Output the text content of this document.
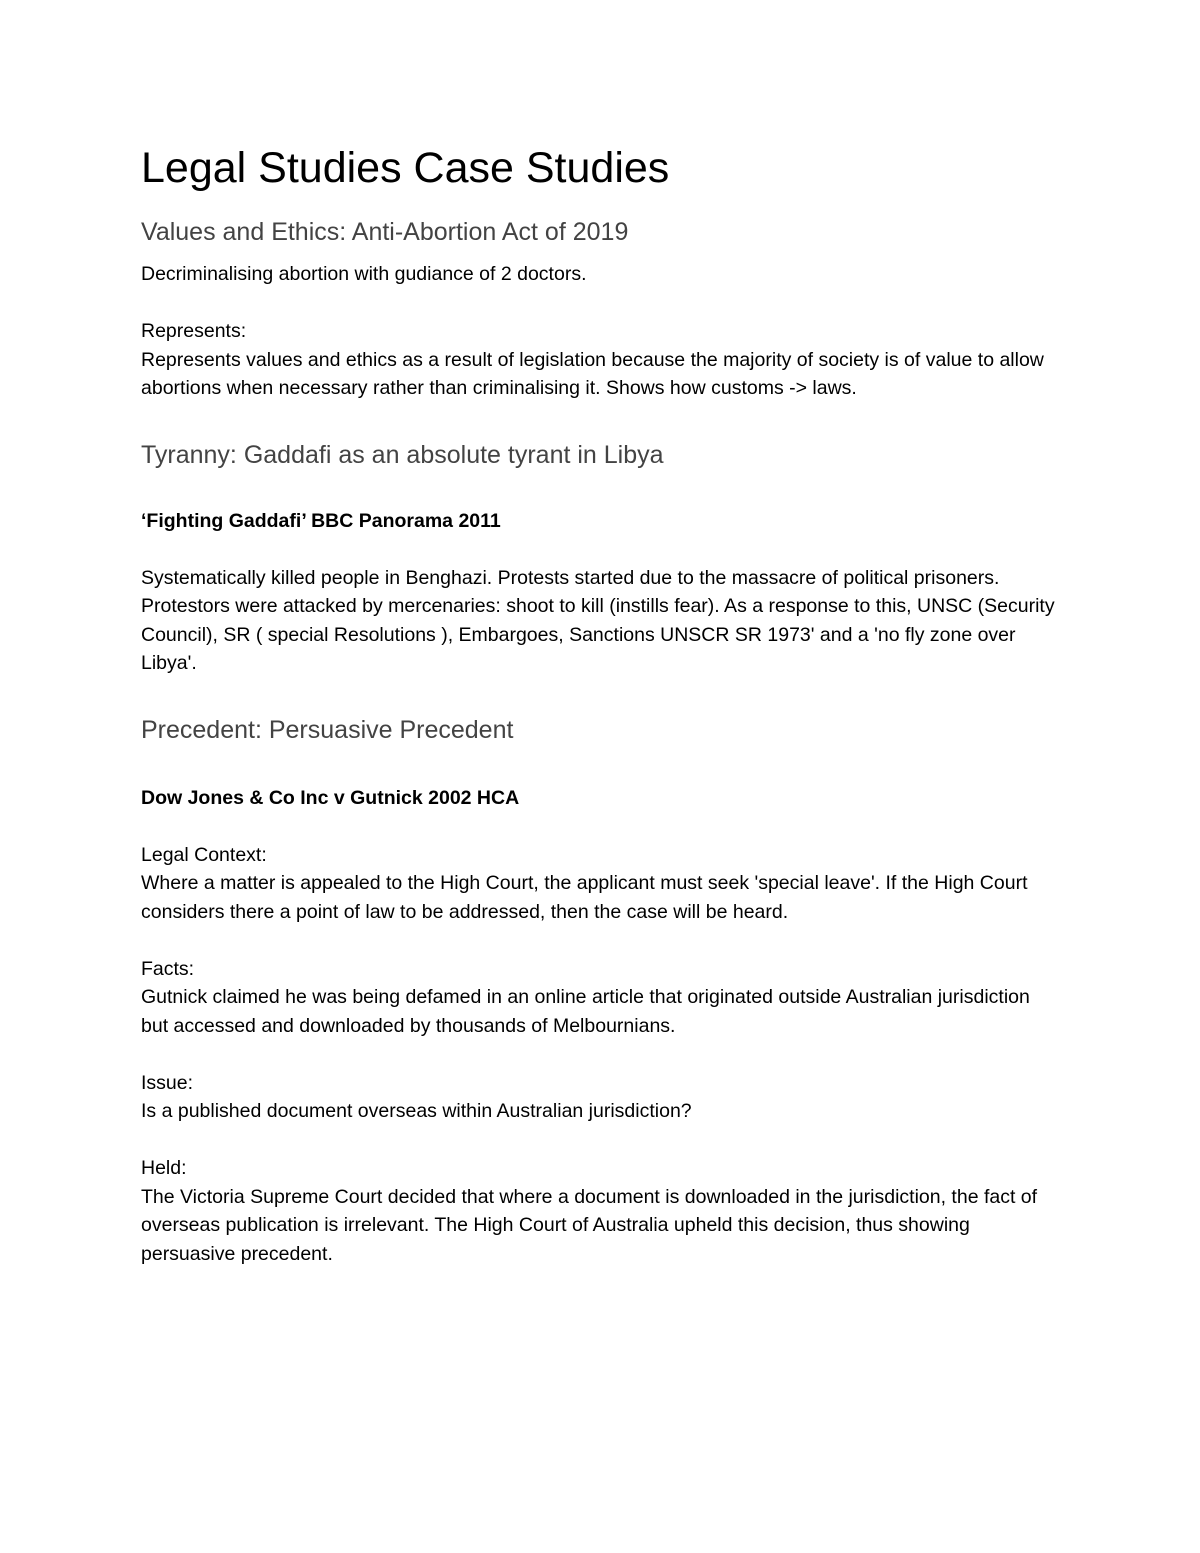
Legal Studies Case Studies
Values and Ethics: Anti-Abortion Act of 2019

Decriminalising abortion with gudiance of 2 doctors.

Represents:

Represents values and ethics as a result of legislation because the majority of society is of value to allow abortions when necessary rather than criminalising it. Shows how customs -> laws.

Tyranny: Gaddafi as an absolute tyrant in Libya

‘Fighting Gaddafi’ BBC Panorama 2011

Systematically killed people in Benghazi. Protests started due to the massacre of political prisoners. Protestors were attacked by mercenaries: shoot to kill (instills fear). As a response to this, UNSC (Security Council), SR ( special Resolutions ), Embargoes, Sanctions UNSCR SR 1973' and a 'no fly zone over Libya'.

Precedent: Persuasive Precedent

Dow Jones & Co Inc v Gutnick 2002 HCA

Legal Context:

Where a matter is appealed to the High Court, the applicant must seek 'special leave'. If the High Court considers there a point of law to be addressed, then the case will be heard.

Facts:

Gutnick claimed he was being defamed in an online article that originated outside Australian jurisdiction but accessed and downloaded by thousands of Melbournians.

Issue:

Is a published document overseas within Australian jurisdiction?

Held:

The Victoria Supreme Court decided that where a document is downloaded in the jurisdiction, the fact of overseas publication is irrelevant. The High Court of Australia upheld this decision, thus showing persuasive precedent.
